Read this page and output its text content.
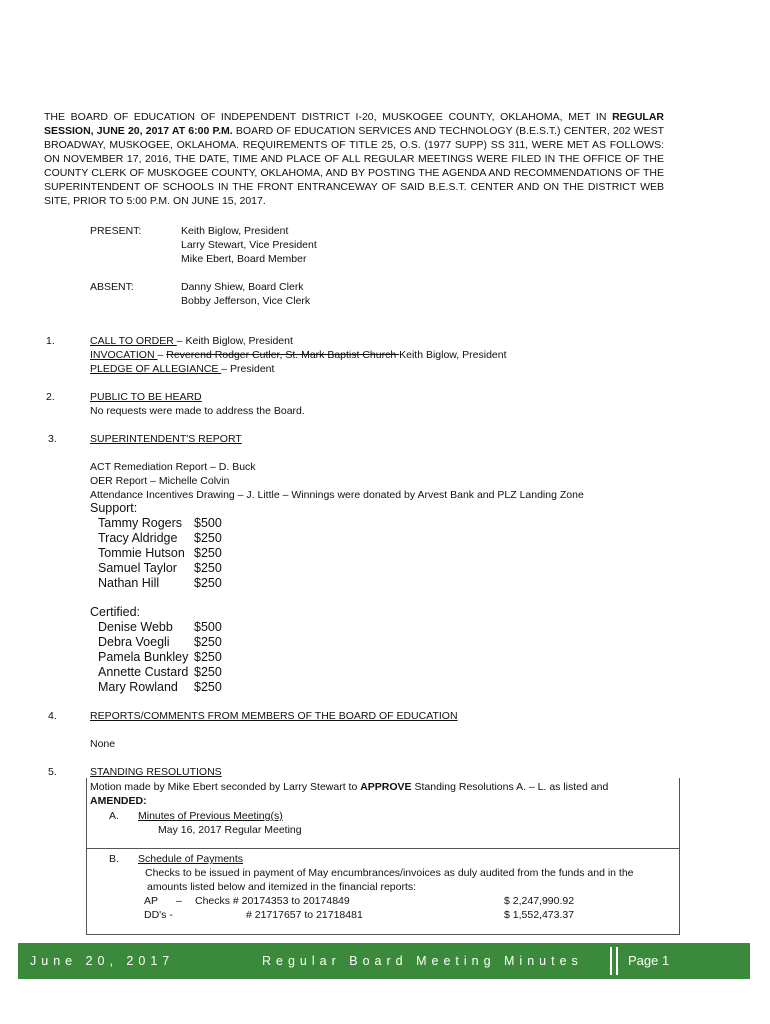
THE BOARD OF EDUCATION OF INDEPENDENT DISTRICT I-20, MUSKOGEE COUNTY, OKLAHOMA, MET IN REGULAR SESSION, JUNE 20, 2017 AT 6:00 P.M. BOARD OF EDUCATION SERVICES AND TECHNOLOGY (B.E.S.T.) CENTER, 202 WEST BROADWAY, MUSKOGEE, OKLAHOMA. REQUIREMENTS OF TITLE 25, O.S. (1977 SUPP) SS 311, WERE MET AS FOLLOWS: ON NOVEMBER 17, 2016, THE DATE, TIME AND PLACE OF ALL REGULAR MEETINGS WERE FILED IN THE OFFICE OF THE COUNTY CLERK OF MUSKOGEE COUNTY, OKLAHOMA, AND BY POSTING THE AGENDA AND RECOMMENDATIONS OF THE SUPERINTENDENT OF SCHOOLS IN THE FRONT ENTRANCEWAY OF SAID B.E.S.T. CENTER AND ON THE DISTRICT WEB SITE, PRIOR TO 5:00 P.M. ON JUNE 15, 2017.
PRESENT:	Keith Biglow, President
Larry Stewart, Vice President
Mike Ebert, Board Member
ABSENT:	Danny Shiew, Board Clerk
Bobby Jefferson, Vice Clerk
1.	CALL TO ORDER – Keith Biglow, President
INVOCATION – Reverend Rodger Cutler, St. Mark Baptist Church Keith Biglow, President
PLEDGE OF ALLEGIANCE – President
2.	PUBLIC TO BE HEARD
No requests were made to address the Board.
3.	SUPERINTENDENT'S REPORT
ACT Remediation Report – D. Buck
OER Report – Michelle Colvin
Attendance Incentives Drawing – J. Little – Winnings were donated by Arvest Bank and PLZ Landing Zone
Support:
Tammy Rogers $500
Tracy Aldridge $250
Tommie Hutson $250
Samuel Taylor $250
Nathan Hill	$250
Certified:
Denise Webb $500
Debra Voegli $250
Pamela Bunkley $250
Annette Custard $250
Mary Rowland $250
4.	REPORTS/COMMENTS FROM MEMBERS OF THE BOARD OF EDUCATION
None
5.	STANDING RESOLUTIONS
Motion made by Mike Ebert seconded by Larry Stewart to APPROVE Standing Resolutions A. – L. as listed and
AMENDED:
A. Minutes of Previous Meeting(s)
May 16, 2017 Regular Meeting
B. Schedule of Payments
Checks to be issued in payment of May encumbrances/invoices as duly audited from the funds and in the
amounts listed below and itemized in the financial reports:
AP – Checks # 20174353 to 20174849	$ 2,247,990.92
DD's -	# 21717657 to 21718481	$ 1,552,473.37
June 20, 2017	Regular Board Meeting Minutes	Page 1
